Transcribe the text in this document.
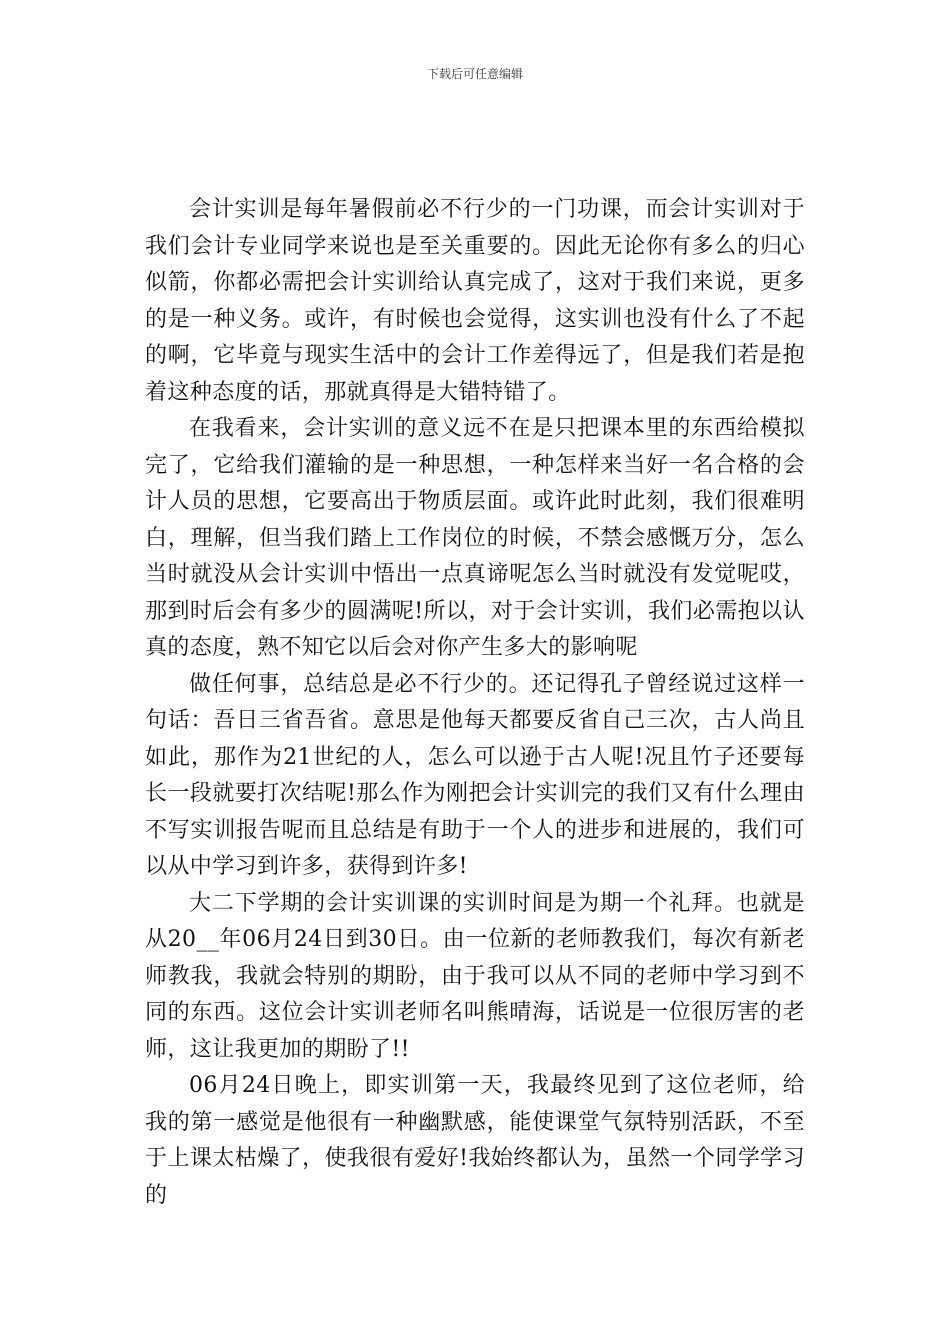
下载后可任意编辑

会计实训是每年暑假前必不行少的一门功课，而会计实训对于我们会计专业同学来说也是至关重要的。因此无论你有多么的归心似箭，你都必需把会计实训给认真完成了，这对于我们来说，更多的是一种义务。或许，有时候也会觉得，这实训也没有什么了不起的啊，它毕竟与现实生活中的会计工作差得远了，但是我们若是抱着这种态度的话，那就真得是大错特错了。

在我看来，会计实训的意义远不在是只把课本里的东西给模拟完了，它给我们灌输的是一种思想，一种怎样来当好一名合格的会计人员的思想，它要高出于物质层面。或许此时此刻，我们很难明白，理解，但当我们踏上工作岗位的时候，不禁会感慨万分，怎么当时就没从会计实训中悟出一点真谛呢怎么当时就没有发觉呢哎，那到时后会有多少的圆满呢!所以，对于会计实训，我们必需抱以认真的态度，熟不知它以后会对你产生多大的影响呢

做任何事，总结总是必不行少的。还记得孔子曾经说过这样一句话：吾日三省吾省。意思是他每天都要反省自己三次，古人尚且如此，那作为21世纪的人，怎么可以逊于古人呢!况且竹子还要每长一段就要打次结呢!那么作为刚把会计实训完的我们又有什么理由不写实训报告呢而且总结是有助于一个人的进步和进展的，我们可以从中学习到许多，获得到许多!

大二下学期的会计实训课的实训时间是为期一个礼拜。也就是从20__年06月24日到30日。由一位新的老师教我们，每次有新老师教我，我就会特别的期盼，由于我可以从不同的老师中学习到不同的东西。这位会计实训老师名叫熊晴海，话说是一位很厉害的老师，这让我更加的期盼了!!

06月24日晚上，即实训第一天，我最终见到了这位老师，给我的第一感觉是他很有一种幽默感，能使课堂气氛特别活跃，不至于上课太枯燥了，使我很有爱好!我始终都认为，虽然一个同学学习的
